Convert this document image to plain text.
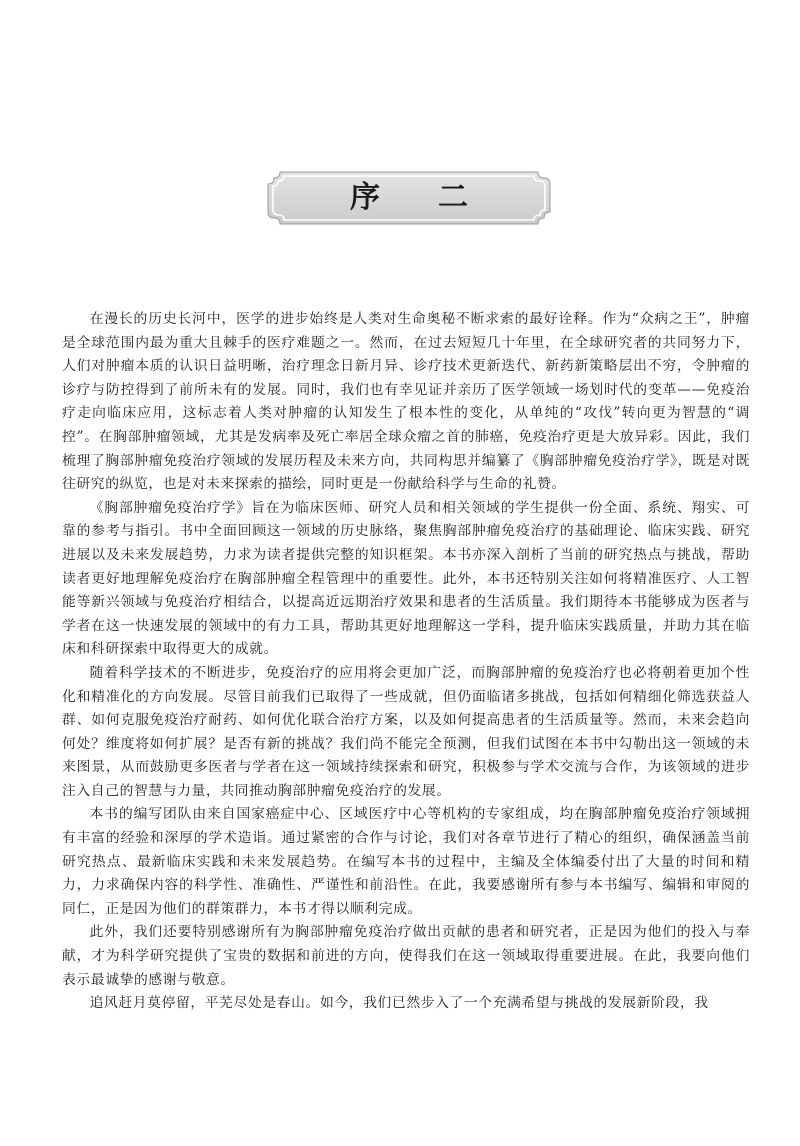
序二

在漫长的历史长河中，医学的进步始终是人类对生命奥秘不断求索的最好诠释。作为“众病之王”，肿瘤是全球范围内最为重大且棘手的医疗难题之一。然而，在过去短短几十年里，在全球研究者的共同努力下，人们对肿瘤本质的认识日益明晰，治疗理念日新月异、诊疗技术更新迭代、新药新策略层出不穷，令肿瘤的诊疗与防控得到了前所未有的发展。同时，我们也有幸见证并亲历了医学领域一场划时代的变革——免疫治疗走向临床应用，这标志着人类对肿瘤的认知发生了根本性的变化，从单纯的“攻伐”转向更为智慧的“调控”。在胸部肿瘤领域，尤其是发病率及死亡率居全球众瘤之首的肺癌，免疫治疗更是大放异彩。因此，我们梳理了胸部肿瘤免疫治疗领域的发展历程及未来方向，共同构思并编纂了《胸部肿瘤免疫治疗学》，既是对既往研究的纵览，也是对未来探索的描绘，同时更是一份献给科学与生命的礼赞。

《胸部肿瘤免疫治疗学》旨在为临床医师、研究人员和相关领域的学生提供一份全面、系统、翔实、可靠的参考与指引。书中全面回顾这一领域的历史脉络，聚焦胸部肿瘤免疫治疗的基础理论、临床实践、研究进展以及未来发展趋势，力求为读者提供完整的知识框架。本书亦深入剖析了当前的研究热点与挑战，帮助读者更好地理解免疫治疗在胸部肿瘤全程管理中的重要性。此外，本书还特别关注如何将精准医疗、人工智能等新兴领域与免疫治疗相结合，以提高近远期治疗效果和患者的生活质量。我们期待本书能够成为医者与学者在这一快速发展的领域中的有力工具，帮助其更好地理解这一学科，提升临床实践质量，并助力其在临床和科研探索中取得更大的成就。

随着科学技术的不断进步，免疫治疗的应用将会更加广泛，而胸部肿瘤的免疫治疗也必将朝着更加个性化和精准化的方向发展。尽管目前我们已取得了一些成就，但仍面临诸多挑战，包括如何精细化筛选获益人群、如何克服免疫治疗耐药、如何优化联合治疗方案，以及如何提高患者的生活质量等。然而，未来会趋向何处？维度将如何扩展？是否有新的挑战？我们尚不能完全预测，但我们试图在本书中勾勒出这一领域的未来图景，从而鼓励更多医者与学者在这一领域持续探索和研究，积极参与学术交流与合作，为该领域的进步注入自己的智慧与力量，共同推动胸部肿瘤免疫治疗的发展。

本书的编写团队由来自国家癌症中心、区域医疗中心等机构的专家组成，均在胸部肿瘤免疫治疗领域拥有丰富的经验和深厚的学术造诣。通过紧密的合作与讨论，我们对各章节进行了精心的组织，确保涵盖当前研究热点、最新临床实践和未来发展趋势。在编写本书的过程中，主编及全体编委付出了大量的时间和精力，力求确保内容的科学性、准确性、严谨性和前沿性。在此，我要感谢所有参与本书编写、编辑和审阅的同仁，正是因为他们的群策群力，本书才得以顺利完成。

此外，我们还要特别感谢所有为胸部肿瘤免疫治疗做出贡献的患者和研究者，正是因为他们的投入与奉献，才为科学研究提供了宝贵的数据和前进的方向，使得我们在这一领域取得重要进展。在此，我要向他们表示最诚挚的感谢与敬意。

追风赶月莫停留，平芜尽处是春山。如今，我们已然步入了一个充满希望与挑战的发展新阶段，我
